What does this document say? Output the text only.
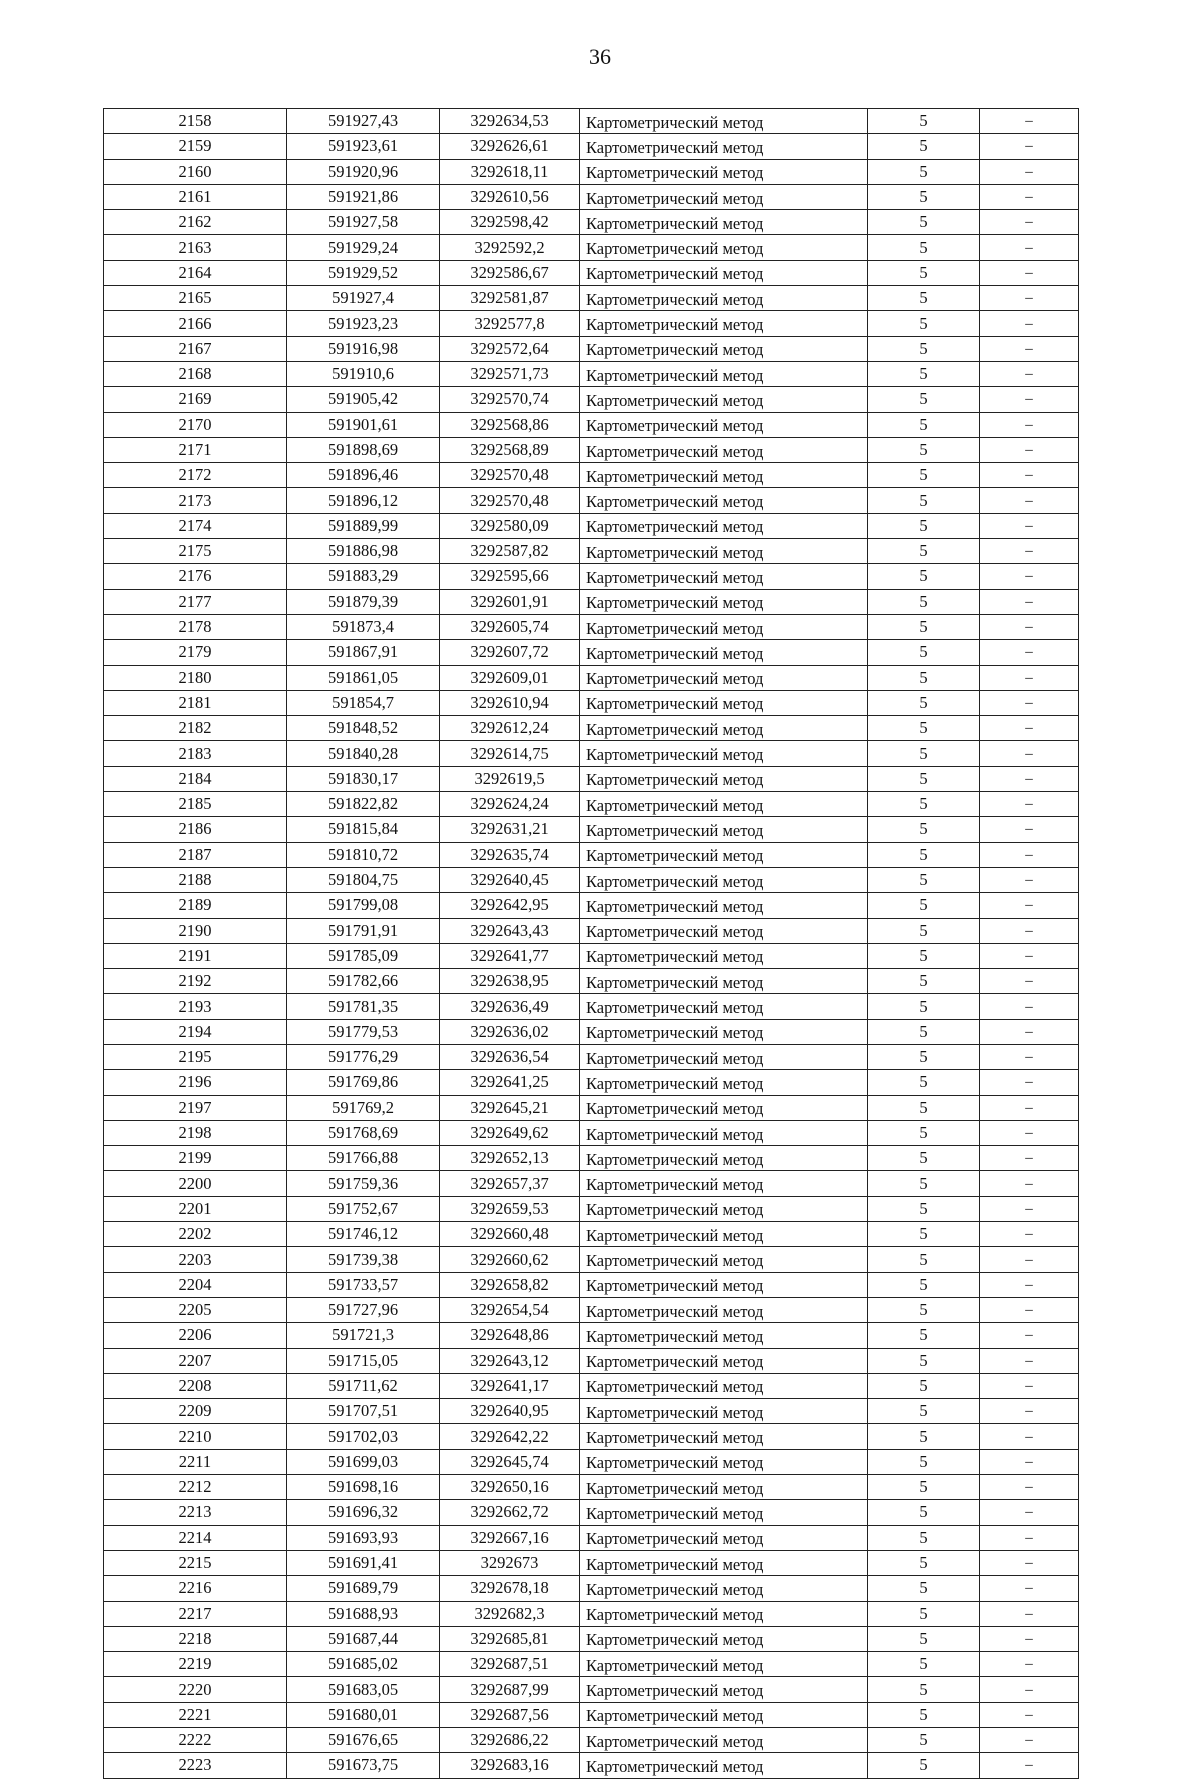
36
2158	591927,43	3292634,53	Картометрический метод	5	–
2159	591923,61	3292626,61	Картометрический метод	5	–
2160	591920,96	3292618,11	Картометрический метод	5	–
2161	591921,86	3292610,56	Картометрический метод	5	–
2162	591927,58	3292598,42	Картометрический метод	5	–
2163	591929,24	3292592,2	Картометрический метод	5	–
2164	591929,52	3292586,67	Картометрический метод	5	–
2165	591927,4	3292581,87	Картометрический метод	5	–
2166	591923,23	3292577,8	Картометрический метод	5	–
2167	591916,98	3292572,64	Картометрический метод	5	–
2168	591910,6	3292571,73	Картометрический метод	5	–
2169	591905,42	3292570,74	Картометрический метод	5	–
2170	591901,61	3292568,86	Картометрический метод	5	–
2171	591898,69	3292568,89	Картометрический метод	5	–
2172	591896,46	3292570,48	Картометрический метод	5	–
2173	591896,12	3292570,48	Картометрический метод	5	–
2174	591889,99	3292580,09	Картометрический метод	5	–
2175	591886,98	3292587,82	Картометрический метод	5	–
2176	591883,29	3292595,66	Картометрический метод	5	–
2177	591879,39	3292601,91	Картометрический метод	5	–
2178	591873,4	3292605,74	Картометрический метод	5	–
2179	591867,91	3292607,72	Картометрический метод	5	–
2180	591861,05	3292609,01	Картометрический метод	5	–
2181	591854,7	3292610,94	Картометрический метод	5	–
2182	591848,52	3292612,24	Картометрический метод	5	–
2183	591840,28	3292614,75	Картометрический метод	5	–
2184	591830,17	3292619,5	Картометрический метод	5	–
2185	591822,82	3292624,24	Картометрический метод	5	–
2186	591815,84	3292631,21	Картометрический метод	5	–
2187	591810,72	3292635,74	Картометрический метод	5	–
2188	591804,75	3292640,45	Картометрический метод	5	–
2189	591799,08	3292642,95	Картометрический метод	5	–
2190	591791,91	3292643,43	Картометрический метод	5	–
2191	591785,09	3292641,77	Картометрический метод	5	–
2192	591782,66	3292638,95	Картометрический метод	5	–
2193	591781,35	3292636,49	Картометрический метод	5	–
2194	591779,53	3292636,02	Картометрический метод	5	–
2195	591776,29	3292636,54	Картометрический метод	5	–
2196	591769,86	3292641,25	Картометрический метод	5	–
2197	591769,2	3292645,21	Картометрический метод	5	–
2198	591768,69	3292649,62	Картометрический метод	5	–
2199	591766,88	3292652,13	Картометрический метод	5	–
2200	591759,36	3292657,37	Картометрический метод	5	–
2201	591752,67	3292659,53	Картометрический метод	5	–
2202	591746,12	3292660,48	Картометрический метод	5	–
2203	591739,38	3292660,62	Картометрический метод	5	–
2204	591733,57	3292658,82	Картометрический метод	5	–
2205	591727,96	3292654,54	Картометрический метод	5	–
2206	591721,3	3292648,86	Картометрический метод	5	–
2207	591715,05	3292643,12	Картометрический метод	5	–
2208	591711,62	3292641,17	Картометрический метод	5	–
2209	591707,51	3292640,95	Картометрический метод	5	–
2210	591702,03	3292642,22	Картометрический метод	5	–
2211	591699,03	3292645,74	Картометрический метод	5	–
2212	591698,16	3292650,16	Картометрический метод	5	–
2213	591696,32	3292662,72	Картометрический метод	5	–
2214	591693,93	3292667,16	Картометрический метод	5	–
2215	591691,41	3292673	Картометрический метод	5	–
2216	591689,79	3292678,18	Картометрический метод	5	–
2217	591688,93	3292682,3	Картометрический метод	5	–
2218	591687,44	3292685,81	Картометрический метод	5	–
2219	591685,02	3292687,51	Картометрический метод	5	–
2220	591683,05	3292687,99	Картометрический метод	5	–
2221	591680,01	3292687,56	Картометрический метод	5	–
2222	591676,65	3292686,22	Картометрический метод	5	–
2223	591673,75	3292683,16	Картометрический метод	5	–
